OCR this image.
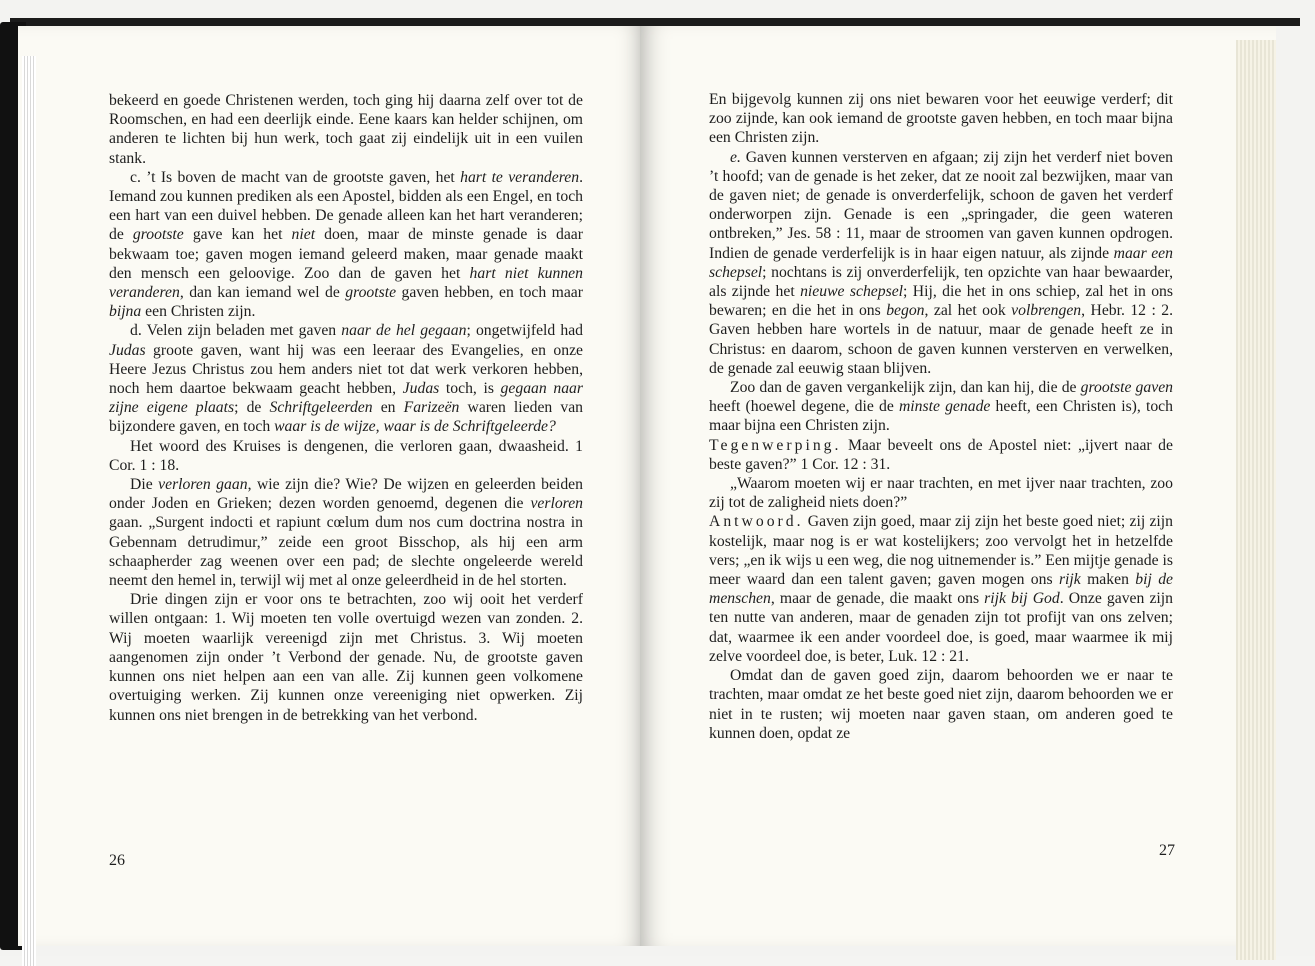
bekeerd en goede Christenen werden, toch ging hij daarna zelf over tot de Roomschen, en had een deerlijk einde. Eene kaars kan helder schijnen, om anderen te lichten bij hun werk, toch gaat zij eindelijk uit in een vuilen stank.

c. ’t Is boven de macht van de grootste gaven, het hart te veranderen. Iemand zou kunnen prediken als een Apostel, bidden als een Engel, en toch een hart van een duivel hebben. De genade alleen kan het hart veranderen; de grootste gave kan het niet doen, maar de minste genade is daar bekwaam toe; gaven mogen iemand geleerd maken, maar genade maakt den mensch een geloovige. Zoo dan de gaven het hart niet kunnen veranderen, dan kan iemand wel de grootste gaven hebben, en toch maar bijna een Christen zijn.

d. Velen zijn beladen met gaven naar de hel gegaan; ongetwijfeld had Judas groote gaven, want hij was een leeraar des Evangelies, en onze Heere Jezus Christus zou hem anders niet tot dat werk verkoren hebben, noch hem daartoe bekwaam geacht hebben, Judas toch, is gegaan naar zijne eigene plaats; de Schriftgeleerden en Farizeën waren lieden van bijzondere gaven, en toch waar is de wijze, waar is de Schriftgeleerde?

Het woord des Kruises is dengenen, die verloren gaan, dwaasheid. 1 Cor. 1 : 18.

Die verloren gaan, wie zijn die? Wie? De wijzen en geleerden beiden onder Joden en Grieken; dezen worden genoemd, degenen die verloren gaan. „Surgent indocti et rapiunt cœlum dum nos cum doctrina nostra in Gebennam detrudimur,” zeide een groot Bisschop, als hij een arm schaapherder zag weenen over een pad; de slechte ongeleerde wereld neemt den hemel in, terwijl wij met al onze geleerdheid in de hel storten.

Drie dingen zijn er voor ons te betrachten, zoo wij ooit het verderf willen ontgaan: 1. Wij moeten ten volle overtuigd wezen van zonden. 2. Wij moeten waarlijk vereenigd zijn met Christus. 3. Wij moeten aangenomen zijn onder ’t Verbond der genade. Nu, de grootste gaven kunnen ons niet helpen aan een van alle. Zij kunnen geen volkomene overtuiging werken. Zij kunnen onze vereeniging niet opwerken. Zij kunnen ons niet brengen in de betrekking van het verbond.

26

En bijgevolg kunnen zij ons niet bewaren voor het eeuwige verderf; dit zoo zijnde, kan ook iemand de grootste gaven hebben, en toch maar bijna een Christen zijn.

e. Gaven kunnen versterven en afgaan; zij zijn het verderf niet boven ’t hoofd; van de genade is het zeker, dat ze nooit zal bezwijken, maar van de gaven niet; de genade is onverderfelijk, schoon de gaven het verderf onderworpen zijn. Genade is een „springader, die geen wateren ontbreken,” Jes. 58 : 11, maar de stroomen van gaven kunnen opdrogen. Indien de genade verderfelijk is in haar eigen natuur, als zijnde maar een schepsel; nochtans is zij onverderfelijk, ten opzichte van haar bewaarder, als zijnde het nieuwe schepsel; Hij, die het in ons schiep, zal het in ons bewaren; en die het in ons begon, zal het ook volbrengen, Hebr. 12 : 2. Gaven hebben hare wortels in de natuur, maar de genade heeft ze in Christus: en daarom, schoon de gaven kunnen versterven en verwelken, de genade zal eeuwig staan blijven.

Zoo dan de gaven vergankelijk zijn, dan kan hij, die de grootste gaven heeft (hoewel degene, die de minste genade heeft, een Christen is), toch maar bijna een Christen zijn.

Tegenwerping. Maar beveelt ons de Apostel niet: „ijvert naar de beste gaven?” 1 Cor. 12 : 31.

„Waarom moeten wij er naar trachten, en met ijver naar trachten, zoo zij tot de zaligheid niets doen?”

Antwoord. Gaven zijn goed, maar zij zijn het beste goed niet; zij zijn kostelijk, maar nog is er wat kostelijkers; zoo vervolgt het in hetzelfde vers; „en ik wijs u een weg, die nog uitnemender is.” Een mijtje genade is meer waard dan een talent gaven; gaven mogen ons rijk maken bij de menschen, maar de genade, die maakt ons rijk bij God. Onze gaven zijn ten nutte van anderen, maar de genaden zijn tot profijt van ons zelven; dat, waarmee ik een ander voordeel doe, is goed, maar waarmee ik mij zelve voordeel doe, is beter, Luk. 12 : 21.

Omdat dan de gaven goed zijn, daarom behoorden we er naar te trachten, maar omdat ze het beste goed niet zijn, daarom behoorden we er niet in te rusten; wij moeten naar gaven staan, om anderen goed te kunnen doen, opdat ze

27
